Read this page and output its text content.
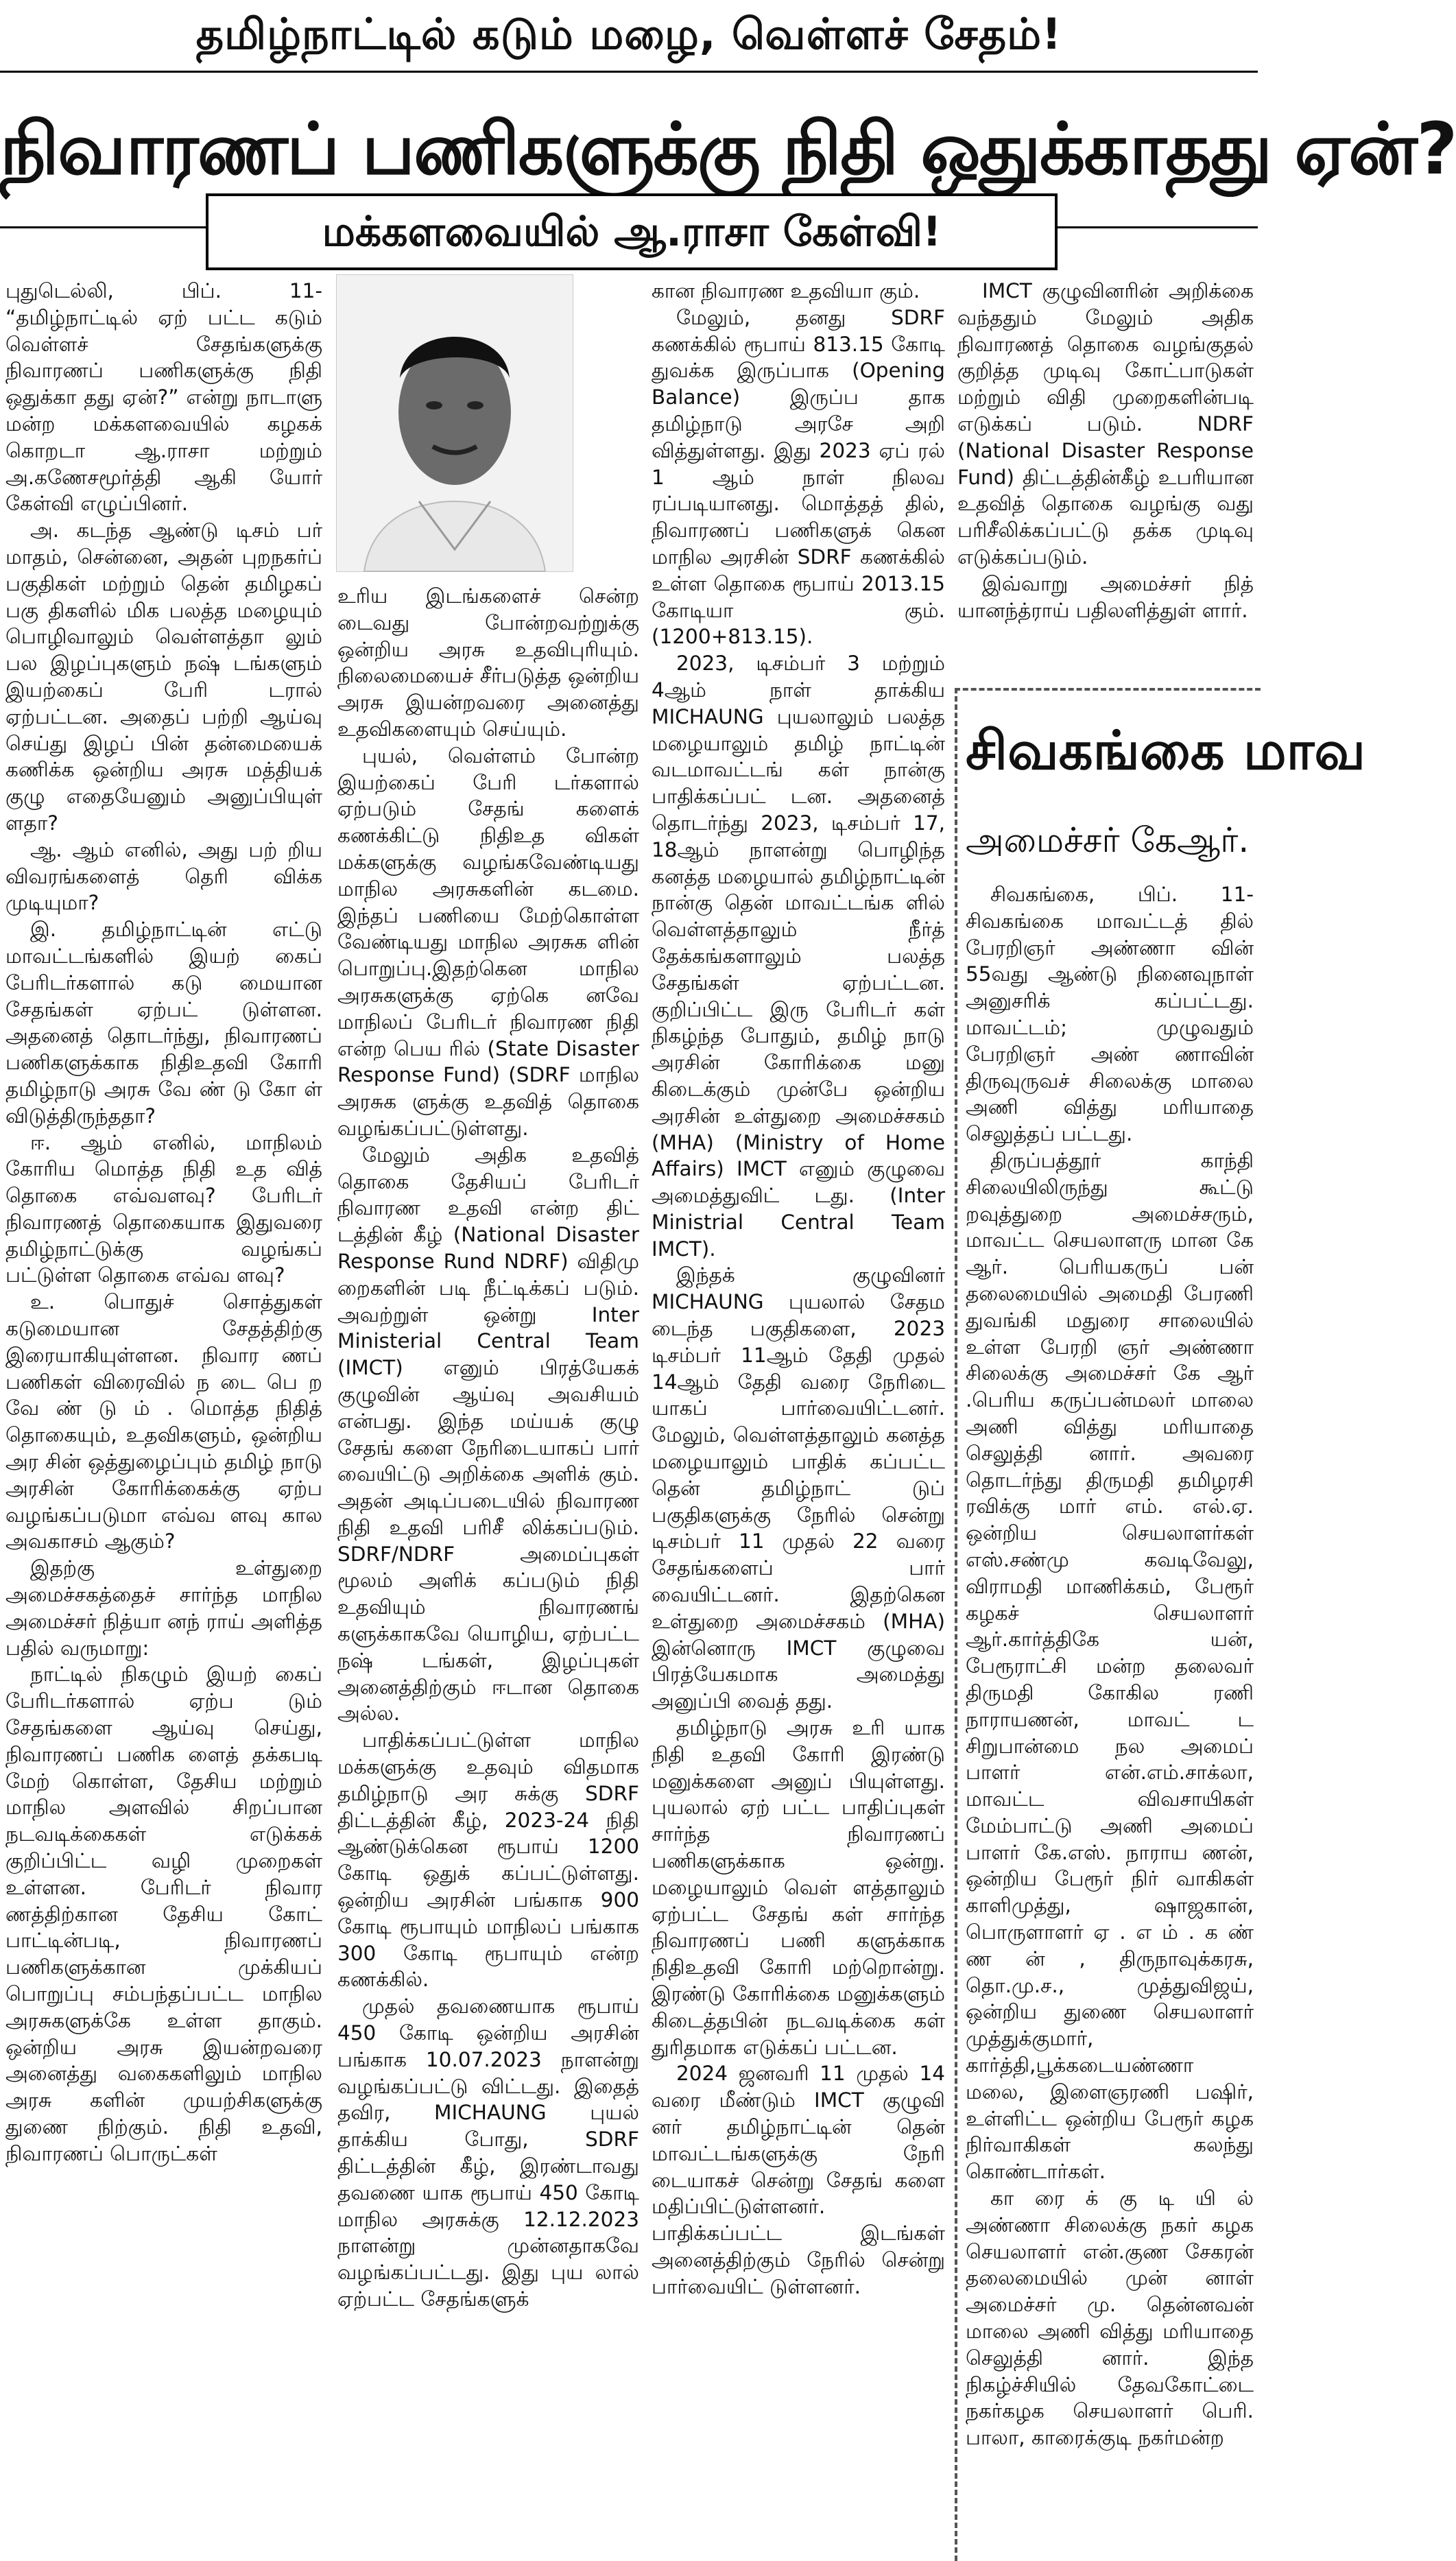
தமிழ்நாட்டில் கடும் மழை, வெள்ளச் சேதம்!
நிவாரணப் பணிகளுக்கு நிதி ஒதுக்காதது ஏன்?
மக்களவையில் ஆ.ராசா கேள்வி!

புதுடெல்லி, பிப். 11- “தமிழ்நாட்டில் ஏற் பட்ட கடும் வெள்ளச் சேதங்களுக்கு நிவாரணப் பணிகளுக்கு நிதி ஒதுக்கா தது ஏன்?” என்று நாடாளு மன்ற மக்களவையில் கழகக் கொறடா ஆ.ராசா மற்றும் அ.கணேசமூர்த்தி ஆகி யோர் கேள்வி எழுப்பினர்.

அ. கடந்த ஆண்டு டிசம் பர் மாதம், சென்னை, அதன் புறநகர்ப் பகுதிகள் மற்றும் தென் தமிழகப் பகு திகளில் மிக பலத்த மழையும் பொழிவாலும் வெள்ளத்தா லும் பல இழப்புகளும் நஷ் டங்களும் இயற்கைப் பேரி டரால் ஏற்பட்டன. அதைப் பற்றி ஆய்வு செய்து இழப் பின் தன்மையைக் கணிக்க ஒன்றிய அரசு மத்தியக் குழு எதையேனும் அனுப்பியுள் ளதா?

ஆ. ஆம் எனில், அது பற் றிய விவரங்களைத் தெரி விக்க முடியுமா?

இ. தமிழ்நாட்டின் எட்டு மாவட்டங்களில் இயற் கைப் பேரிடர்களால் கடு மையான சேதங்கள் ஏற்பட் டுள்ளன. அதனைத் தொடர்ந்து, நிவாரணப் பணிகளுக்காக நிதிஉதவி கோரி தமிழ்நாடு அரசு வே ண் டு கோ ள் விடுத்திருந்ததா?

ஈ. ஆம் எனில், மாநிலம் கோரிய மொத்த நிதி உத வித் தொகை எவ்வளவு? பேரிடர் நிவாரணத் தொகையாக இதுவரை தமிழ்நாட்டுக்கு வழங்கப் பட்டுள்ள தொகை எவ்வ ளவு?

உ. பொதுச் சொத்துகள் கடுமையான சேதத்திற்கு இரையாகியுள்ளன. நிவார ணப் பணிகள் விரைவில் ந டை பெ ற வே ண் டு ம் . மொத்த நிதித் தொகையும், உதவிகளும், ஒன்றிய அர சின் ஒத்துழைப்பும் தமிழ் நாடு அரசின் கோரிக்கைக்கு ஏற்ப வழங்கப்படுமா எவ்வ ளவு கால அவகாசம் ஆகும்?

இதற்கு உள்துறை அமைச்சகத்தைச் சார்ந்த மாநில அமைச்சர் நித்யா னந் ராய் அளித்த பதில் வருமாறு:

நாட்டில் நிகழும் இயற் கைப் பேரிடர்களால் ஏற்ப டும் சேதங்களை ஆய்வு செய்து, நிவாரணப் பணிக ளைத் தக்கபடி மேற் கொள்ள, தேசிய மற்றும் மாநில அளவில் சிறப்பான நடவடிக்கைகள் எடுக்கக் குறிப்பிட்ட வழி முறைகள் உள்ளன. பேரிடர் நிவார ணத்திற்கான தேசிய கோட் பாட்டின்படி, நிவாரணப் பணிகளுக்கான முக்கியப் பொறுப்பு சம்பந்தப்பட்ட மாநில அரசுகளுக்கே உள்ள தாகும். ஒன்றிய அரசு இயன்றவரை அனைத்து வகைகளிலும் மாநில அரசு களின் முயற்சிகளுக்கு துணை நிற்கும். நிதி உதவி, நிவாரணப் பொருட்கள்

உரிய இடங்களைச் சென்ற டைவது போன்றவற்றுக்கு ஒன்றிய அரசு உதவிபுரியும். நிலைமையைச் சீர்படுத்த ஒன்றிய அரசு இயன்றவரை அனைத்து உதவிகளையும் செய்யும்.

புயல், வெள்ளம் போன்ற இயற்கைப் பேரி டர்களால் ஏற்படும் சேதங் களைக் கணக்கிட்டு நிதிஉத விகள் மக்களுக்கு வழங்கவேண்டியது மாநில அரசுகளின் கடமை. இந்தப் பணியை மேற்கொள்ள வேண்டியது மாநில அரசுக ளின் பொறுப்பு.இதற்கென மாநில அரசுகளுக்கு ஏற்கெ னவே மாநிலப் பேரிடர் நிவாரண நிதி என்ற பெய ரில் (State Disaster Response Fund) (SDRF மாநில அரசுக ளுக்கு உதவித் தொகை வழங்கப்பட்டுள்ளது.

மேலும் அதிக உதவித் தொகை தேசியப் பேரிடர் நிவாரண உதவி என்ற திட் டத்தின் கீழ் (National Disaster Response Rund NDRF) விதிமு றைகளின் படி நீட்டிக்கப் படும். அவற்றுள் ஒன்று Inter Ministerial Central Team (IMCT) எனும் பிரத்யேகக் குழுவின் ஆய்வு அவசியம் என்பது. இந்த மய்யக் குழு சேதங் களை நேரிடையாகப் பார் வையிட்டு அறிக்கை அளிக் கும். அதன் அடிப்படையில் நிவாரண நிதி உதவி பரிசீ லிக்கப்படும். SDRF/NDRF அமைப்புகள் மூலம் அளிக் கப்படும் நிதி உதவியும் நிவாரணங் களுக்காகவே யொழிய, ஏற்பட்ட நஷ் டங்கள், இழப்புகள் அனைத்திற்கும் ஈடான தொகை அல்ல.

பாதிக்கப்பட்டுள்ள மாநில மக்களுக்கு உதவும் விதமாக தமிழ்நாடு அர சுக்கு SDRF திட்டத்தின் கீழ், 2023-24 நிதி ஆண்டுக்கென ரூபாய் 1200 கோடி ஒதுக் கப்பட்டுள்ளது. ஒன்றிய அரசின் பங்காக 900 கோடி ரூபாயும் மாநிலப் பங்காக 300 கோடி ரூபாயும் என்ற கணக்கில்.

முதல் தவணையாக ரூபாய் 450 கோடி ஒன்றிய அரசின் பங்காக 10.07.2023 நாளன்று வழங்கப்பட்டு விட்டது. இதைத் தவிர, MICHAUNG புயல் தாக்கிய போது, SDRF திட்டத்தின் கீழ், இரண்டாவது தவணை யாக ரூபாய் 450 கோடி மாநில அரசுக்கு 12.12.2023 நாளன்று முன்னதாகவே வழங்கப்பட்டது. இது புய லால் ஏற்பட்ட சேதங்களுக்

கான நிவாரண உதவியா கும்.

மேலும், தனது SDRF கணக்கில் ரூபாய் 813.15 கோடி துவக்க இருப்பாக (Opening Balance) இருப்ப தாக தமிழ்நாடு அரசே அறி வித்துள்ளது. இது 2023 ஏப் ரல் 1 ஆம் நாள் நிலவ ரப்படியானது. மொத்தத் தில், நிவாரணப் பணிகளுக் கென மாநில அரசின் SDRF கணக்கில் உள்ள தொகை ரூபாய் 2013.15 கோடியா கும். (1200+813.15).

2023, டிசம்பர் 3 மற்றும் 4ஆம் நாள் தாக்கிய MICHAUNG புயலாலும் பலத்த மழையாலும் தமிழ் நாட்டின் வடமாவட்டங் கள் நான்கு பாதிக்கப்பட் டன. அதனைத் தொடர்ந்து 2023, டிசம்பர் 17, 18ஆம் நாளன்று பொழிந்த கனத்த மழையால் தமிழ்நாட்டின் நான்கு தென் மாவட்டங்க ளில் வெள்ளத்தாலும் நீர்த் தேக்கங்களாலும் பலத்த சேதங்கள் ஏற்பட்டன. குறிப்பிட்ட இரு பேரிடர் கள் நிகழ்ந்த போதும், தமிழ் நாடு அரசின் கோரிக்கை மனு கிடைக்கும் முன்பே ஒன்றிய அரசின் உள்துறை அமைச்சகம் (MHA) (Ministry of Home Affairs) IMCT எனும் குழுவை அமைத்துவிட் டது. (Inter Ministrial Central Team IMCT).

இந்தக் குழுவினர் MICHAUNG புயலால் சேதம டைந்த பகுதிகளை, 2023 டிசம்பர் 11ஆம் தேதி முதல் 14ஆம் தேதி வரை நேரிடை யாகப் பார்வையிட்டனர். மேலும், வெள்ளத்தாலும் கனத்த மழையாலும் பாதிக் கப்பட்ட தென் தமிழ்நாட் டுப் பகுதிகளுக்கு நேரில் சென்று டிசம்பர் 11 முதல் 22 வரை சேதங்களைப் பார் வையிட்டனர். இதற்கென உள்துறை அமைச்சகம் (MHA) இன்னொரு IMCT குழுவை பிரத்யேகமாக அமைத்து அனுப்பி வைத் தது.

தமிழ்நாடு அரசு உரி யாக நிதி உதவி கோரி இரண்டு மனுக்களை அனுப் பியுள்ளது. புயலால் ஏற் பட்ட பாதிப்புகள் சார்ந்த நிவாரணப் பணிகளுக்காக ஒன்று. மழையாலும் வெள் ளத்தாலும் ஏற்பட்ட சேதங் கள் சார்ந்த நிவாரணப் பணி களுக்காக நிதிஉதவி கோரி மற்றொன்று. இரண்டு கோரிக்கை மனுக்களும் கிடைத்தபின் நடவடிக்கை கள் துரிதமாக எடுக்கப் பட்டன.

2024 ஜனவரி 11 முதல் 14 வரை மீண்டும் IMCT குழுவி னர் தமிழ்நாட்டின் தென் மாவட்டங்களுக்கு நேரி டையாகச் சென்று சேதங் களை மதிப்பிட்டுள்ளனர். பாதிக்கப்பட்ட இடங்கள் அனைத்திற்கும் நேரில் சென்று பார்வையிட் டுள்ளனர்.

IMCT குழுவினரின் அறிக்கை வந்ததும் மேலும் அதிக நிவாரணத் தொகை வழங்குதல் குறித்த முடிவு கோட்பாடுகள் மற்றும் விதி முறைகளின்படி எடுக்கப் படும். NDRF (National Disaster Response Fund) திட்டத்தின்கீழ் உபரியான உதவித் தொகை வழங்கு வது பரிசீலிக்கப்பட்டு தக்க முடிவு எடுக்கப்படும்.

இவ்வாறு அமைச்சர் நித் யானந்த்ராய் பதிலளித்துள் ளார்.

சிவகங்கை மாவ
அமைச்சர் கேஆர்.

சிவகங்கை, பிப். 11- சிவகங்கை மாவட்டத் தில் பேரறிஞர் அண்ணா வின் 55வது ஆண்டு நினைவுநாள் அனுசரிக் கப்பட்டது. மாவட்டம்; முழுவதும் பேரறிஞர் அண் ணாவின் திருவுருவச் சிலைக்கு மாலை அணி வித்து மரியாதை செலுத்தப் பட்டது.

திருப்பத்தூர் காந்தி சிலையிலிருந்து கூட்டு றவுத்துறை அமைச்சரும், மாவட்ட செயலாளரு மான கே ஆர். பெரியகருப் பன் தலைமையில் அமைதி பேரணி துவங்கி மதுரை சாலையில் உள்ள பேரறி ஞர் அண்ணா சிலைக்கு அமைச்சர் கே ஆர் .பெரிய கருப்பன்மலர் மாலை அணி வித்து மரியாதை செலுத்தி னார். அவரை தொடர்ந்து திருமதி தமிழரசி ரவிக்கு மார் எம். எல்.ஏ. ஒன்றிய செயலாளர்கள் எஸ்.சண்மு கவடிவேலு, விராமதி மாணிக்கம், பேரூர் கழகச் செயலாளர் ஆர்.கார்த்திகே யன், பேரூராட்சி மன்ற தலைவர் திருமதி கோகில ரணி நாராயணன், மாவட் ட சிறுபான்மை நல அமைப் பாளர் என்.எம்.சாக்லா, மாவட்ட விவசாயிகள் மேம்பாட்டு அணி அமைப் பாளர் கே.எஸ். நாராய ணன், ஒன்றிய பேரூர் நிர் வாகிகள் காளிமுத்து, ஷாஜகான், பொருளாளர் ஏ . எ ம் . க ண் ண ன் , திருநாவுக்கரசு, தொ.மு.ச., முத்துவிஜய், ஒன்றிய துணை செயலாளர் முத்துக்குமார், கார்த்தி,பூக்கடையண்ணா மலை, இளைஞரணி பஷிர், உள்ளிட்ட ஒன்றிய பேரூர் கழக நிர்வாகிகள் கலந்து கொண்டார்கள்.

கா ரை க் கு டி யி ல் அண்ணா சிலைக்கு நகர் கழக செயலாளர் என்.குண சேகரன் தலைமையில் முன் னாள் அமைச்சர் மு. தென்னவன் மாலை அணி வித்து மரியாதை செலுத்தி னார். இந்த நிகழ்ச்சியில் தேவகோட்டை நகர்கழக செயலாளர் பெரி. பாலா, காரைக்குடி நகர்மன்ற
